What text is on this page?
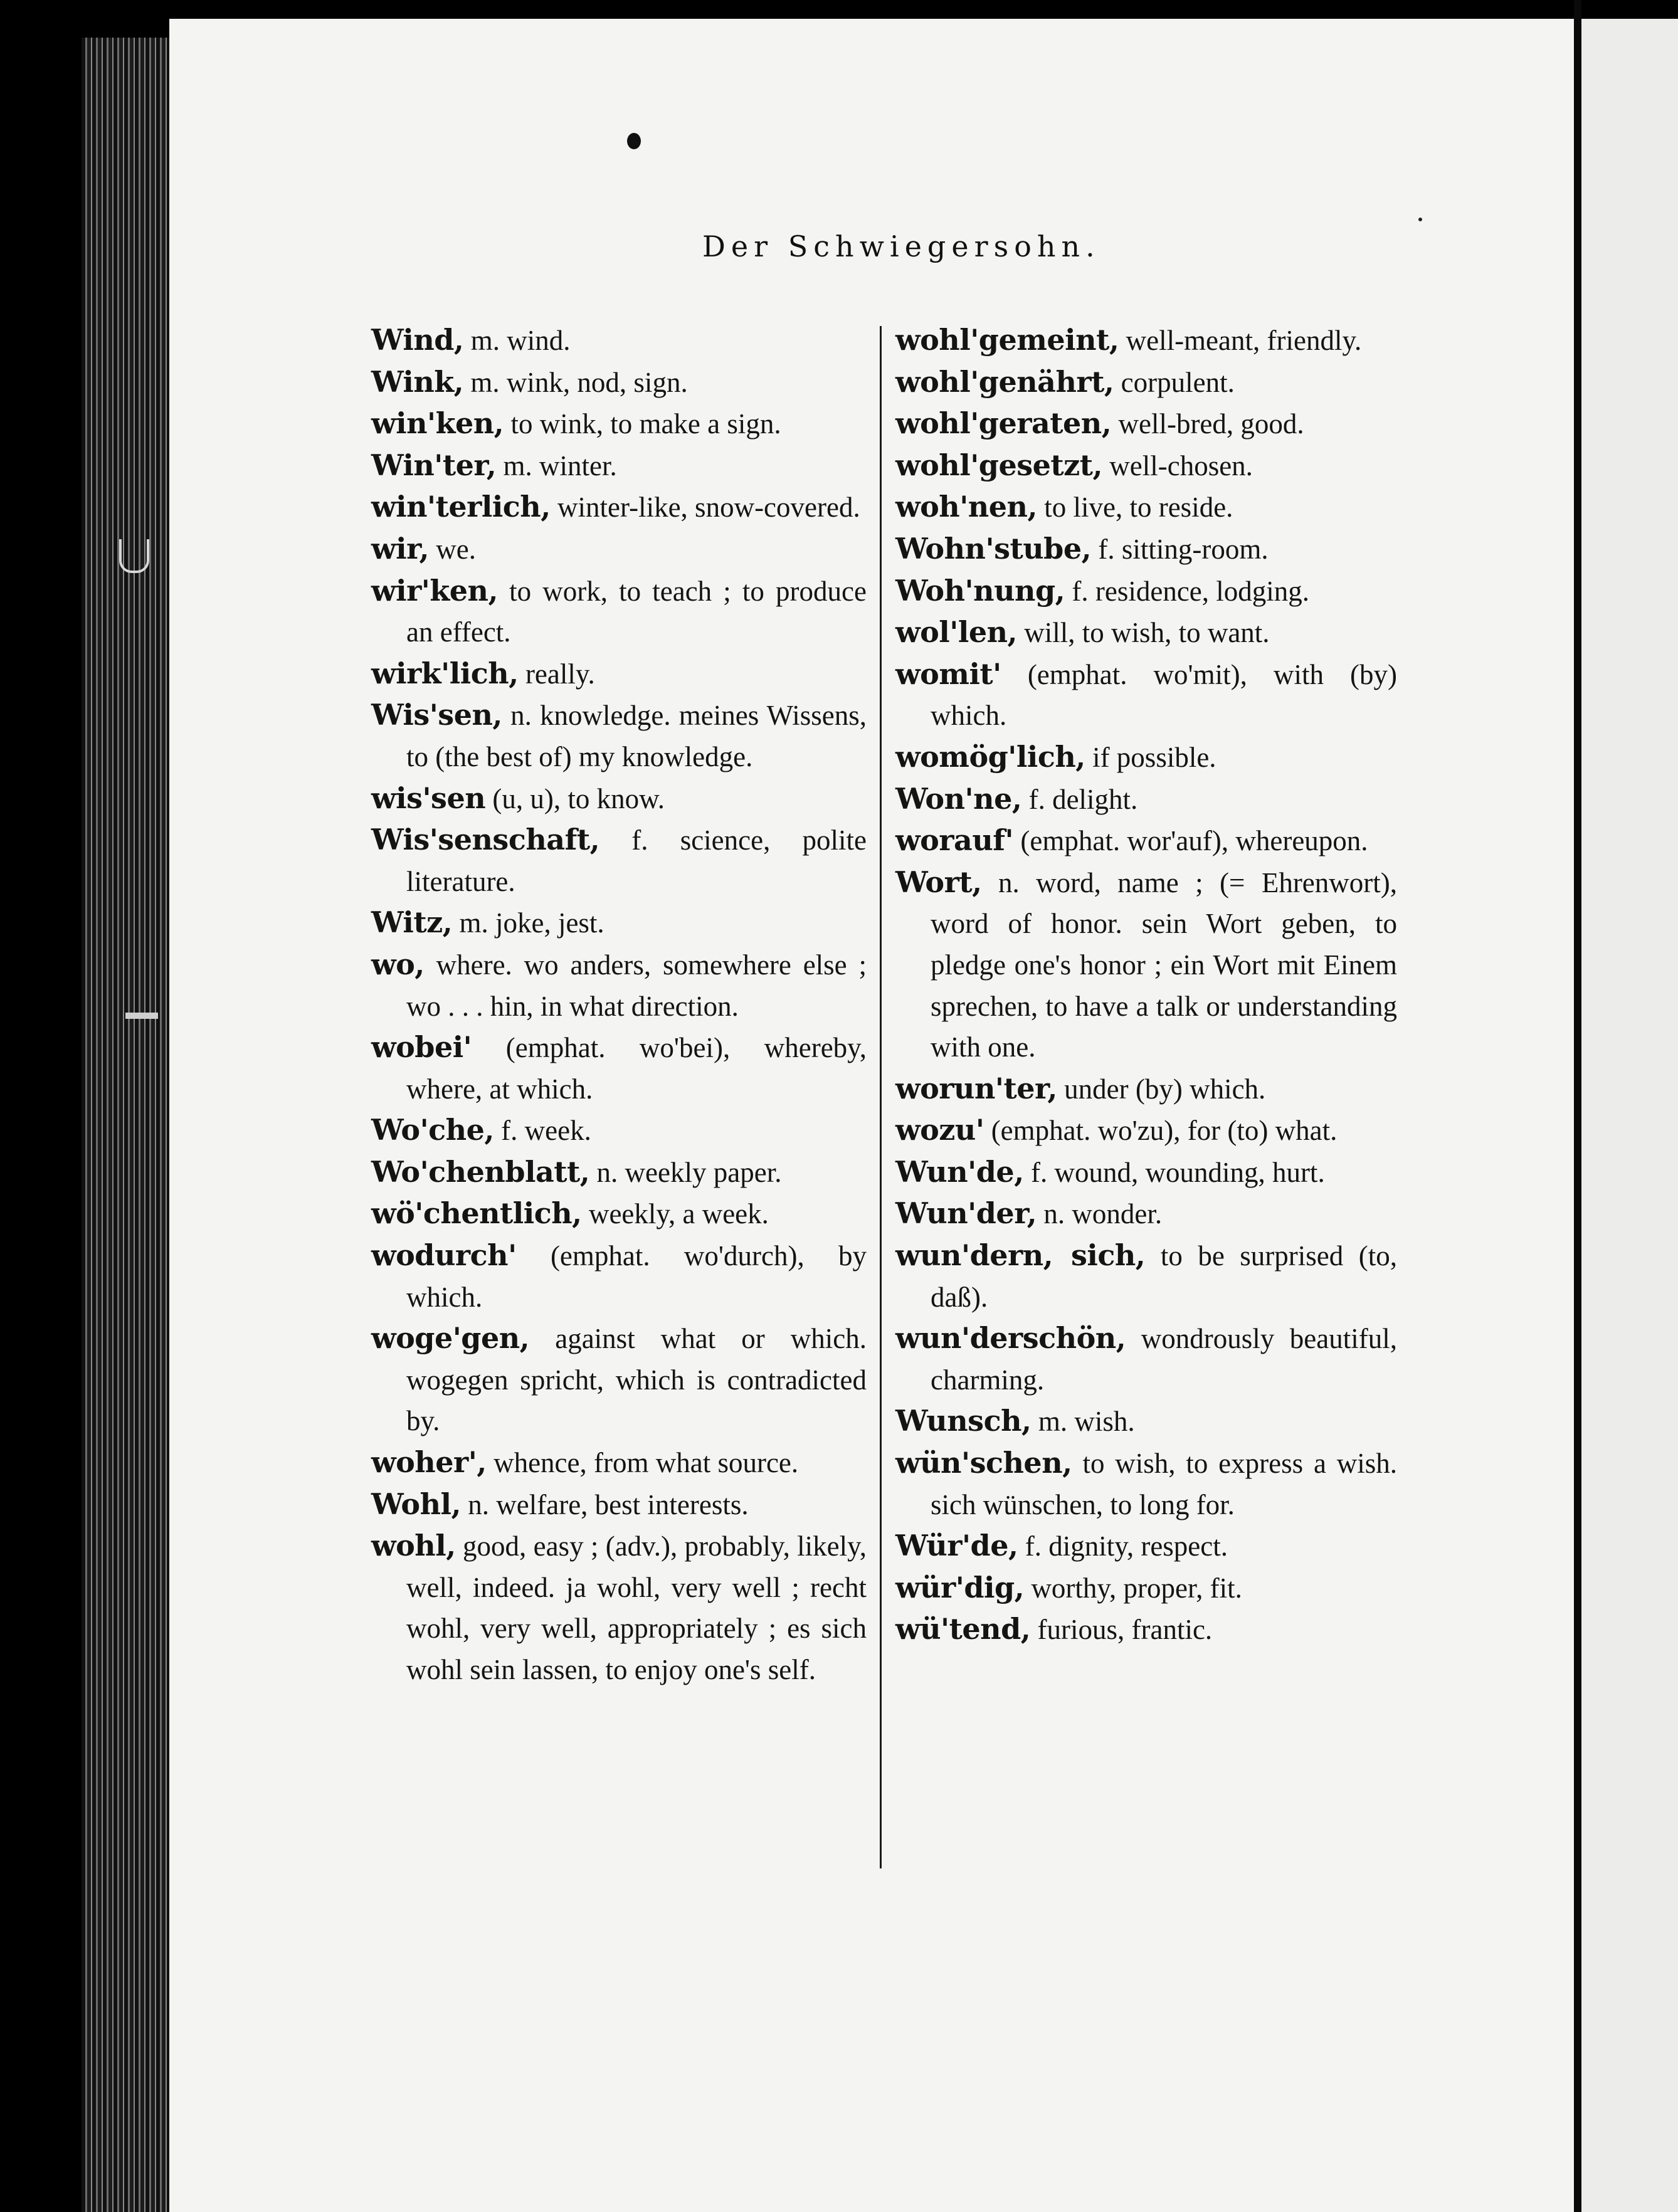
Der Schwiegersohn.

Wind, m. wind.

Wink, m. wink, nod, sign.

win'ken, to wink, to make a sign.

Win'ter, m. winter.

win'terlich, winter-like, snow-covered.

wir, we.

wir'ken, to work, to teach ; to produce an effect.

wirk'lich, really.

Wis'sen, n. knowledge. meines Wissens, to (the best of) my knowledge.

wis'sen (u, u), to know.

Wis'senschaft, f. science, polite literature.

Witz, m. joke, jest.

wo, where. wo anders, somewhere else ; wo . . . hin, in what direction.

wobei' (emphat. wo'bei), whereby, where, at which.

Wo'che, f. week.

Wo'chenblatt, n. weekly paper.

wö'chentlich, weekly, a week.

wodurch' (emphat. wo'durch), by which.

woge'gen, against what or which. wogegen spricht, which is contradicted by.

woher', whence, from what source.

Wohl, n. welfare, best interests.

wohl, good, easy ; (adv.), probably, likely, well, indeed. ja wohl, very well ; recht wohl, very well, appropriately ; es sich wohl sein lassen, to enjoy one's self.

wohl'gemeint, well-meant, friendly.

wohl'genährt, corpulent.

wohl'geraten, well-bred, good.

wohl'gesetzt, well-chosen.

woh'nen, to live, to reside.

Wohn'stube, f. sitting-room.

Woh'nung, f. residence, lodging.

wol'len, will, to wish, to want.

womit' (emphat. wo'mit), with (by) which.

womög'lich, if possible.

Won'ne, f. delight.

worauf' (emphat. wor'auf), whereupon.

Wort, n. word, name ; (= Ehrenwort), word of honor. sein Wort geben, to pledge one's honor ; ein Wort mit Einem sprechen, to have a talk or understanding with one.

worun'ter, under (by) which.

wozu' (emphat. wo'zu), for (to) what.

Wun'de, f. wound, wounding, hurt.

Wun'der, n. wonder.

wun'dern, sich, to be surprised (to, daß).

wun'derschön, wondrously beautiful, charming.

Wunsch, m. wish.

wün'schen, to wish, to express a wish. sich wünschen, to long for.

Wür'de, f. dignity, respect.

wür'dig, worthy, proper, fit.

wü'tend, furious, frantic.
